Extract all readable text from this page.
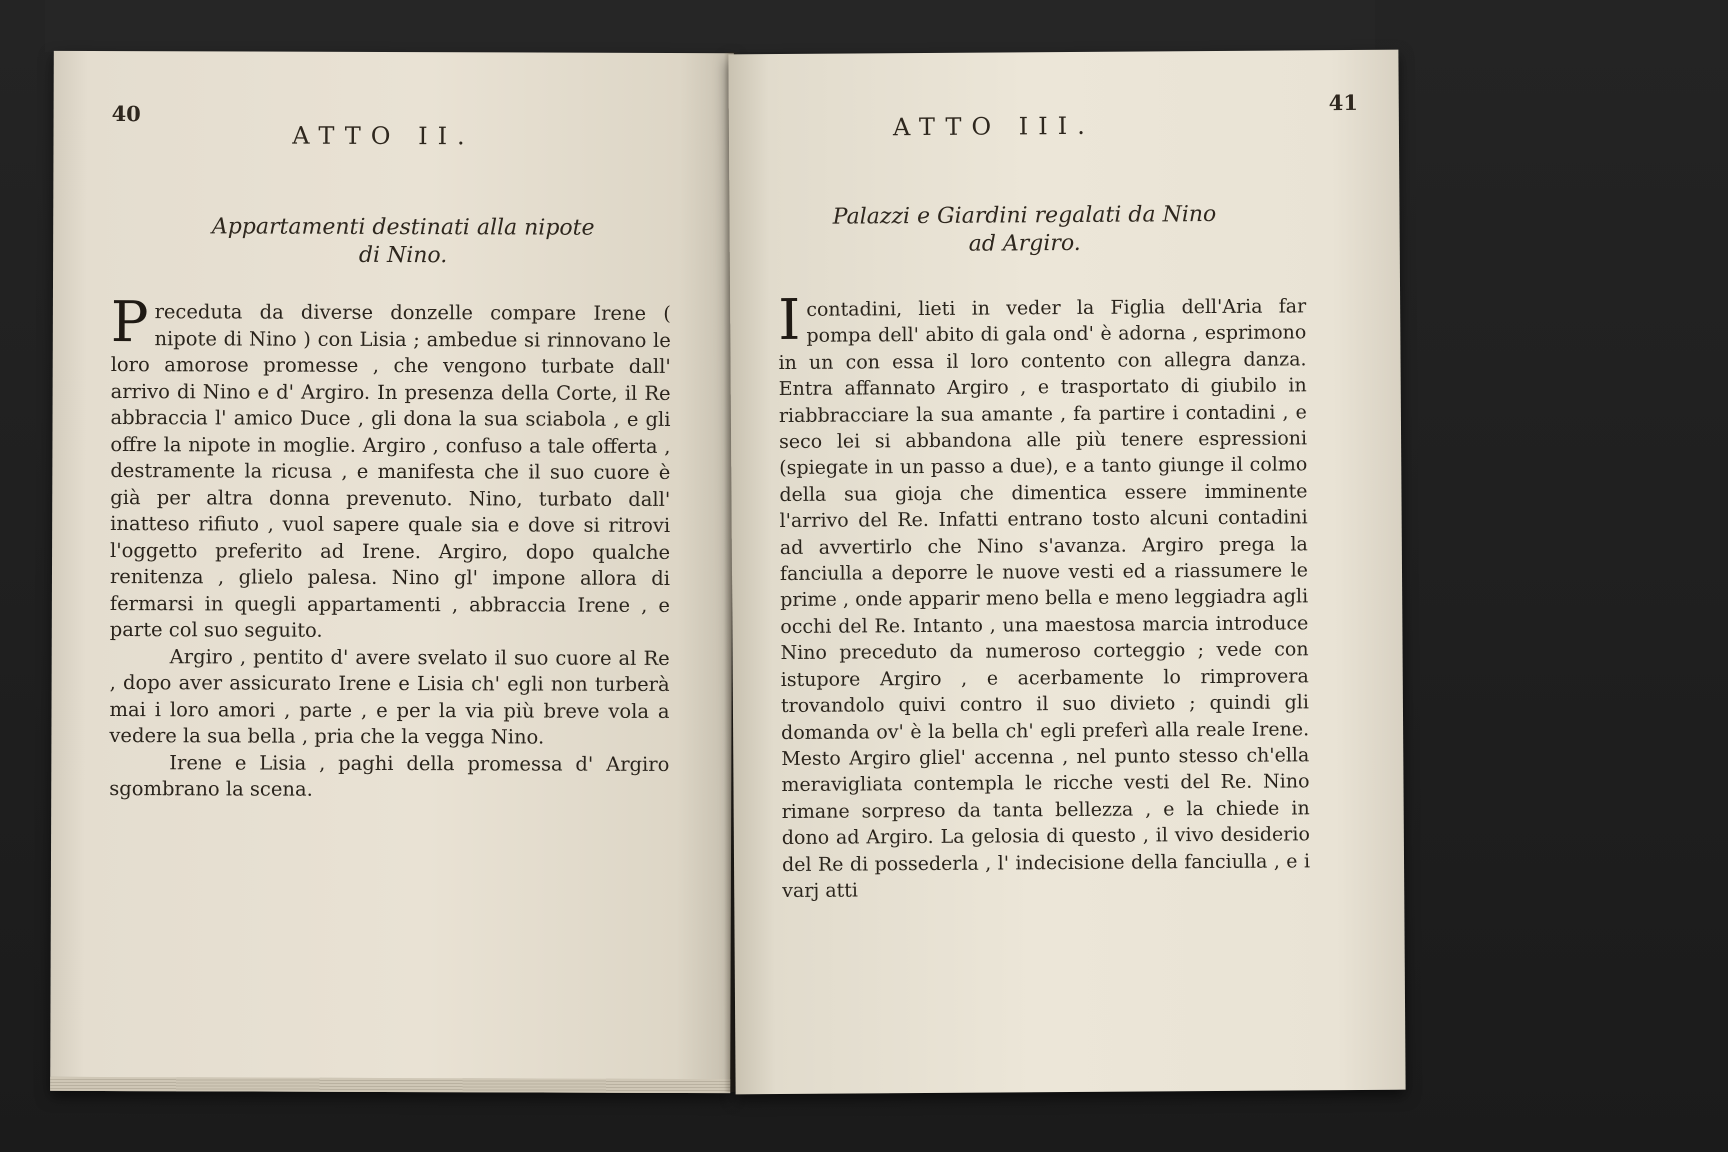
40
ATTO II.
Appartamenti destinati alla nipote
di Nino.

Preceduta da diverse donzelle compare Irene ( nipote di Nino ) con Lisia ; ambedue si rinnovano le loro amorose promesse , che vengono turbate dall' arrivo di Nino e d' Argiro. In presenza della Corte, il Re abbraccia l' amico Duce , gli dona la sua sciabola , e gli offre la nipote in moglie. Argiro , confuso a tale offerta , destramente la ricusa , e manifesta che il suo cuore è già per altra donna prevenuto. Nino, turbato dall' inatteso rifiuto , vuol sapere quale sia e dove si ritrovi l'oggetto preferito ad Irene. Argiro, dopo qualche renitenza , glielo palesa. Nino gl' impone allora di fermarsi in quegli appartamenti , abbraccia Irene , e parte col suo seguito.

Argiro , pentito d' avere svelato il suo cuore al Re , dopo aver assicurato Irene e Lisia ch' egli non turberà mai i loro amori , parte , e per la via più breve vola a vedere la sua bella , pria che la vegga Nino.

Irene e Lisia , paghi della promessa d' Argiro sgombrano la scena.

41
ATTO III.
Palazzi e Giardini regalati da Nino
ad Argiro.

Icontadini, lieti in veder la Figlia dell'Aria far pompa dell' abito di gala ond' è adorna , esprimono in un con essa il loro contento con allegra danza. Entra affannato Argiro , e trasportato di giubilo in riabbracciare la sua amante , fa partire i contadini , e seco lei si abbandona alle più tenere espressioni (spiegate in un passo a due), e a tanto giunge il colmo della sua gioja che dimentica essere imminente l'arrivo del Re. Infatti entrano tosto alcuni contadini ad avvertirlo che Nino s'avanza. Argiro prega la fanciulla a deporre le nuove vesti ed a riassumere le prime , onde apparir meno bella e meno leggiadra agli occhi del Re. Intanto , una maestosa marcia introduce Nino preceduto da numeroso corteggio ; vede con istupore Argiro , e acerbamente lo rimprovera trovandolo quivi contro il suo divieto ; quindi gli domanda ov' è la bella ch' egli preferì alla reale Irene. Mesto Argiro gliel' accenna , nel punto stesso ch'ella meravigliata contempla le ricche vesti del Re. Nino rimane sorpreso da tanta bellezza , e la chiede in dono ad Argiro. La gelosia di questo , il vivo desiderio del Re di possederla , l' indecisione della fanciulla , e i varj atti
